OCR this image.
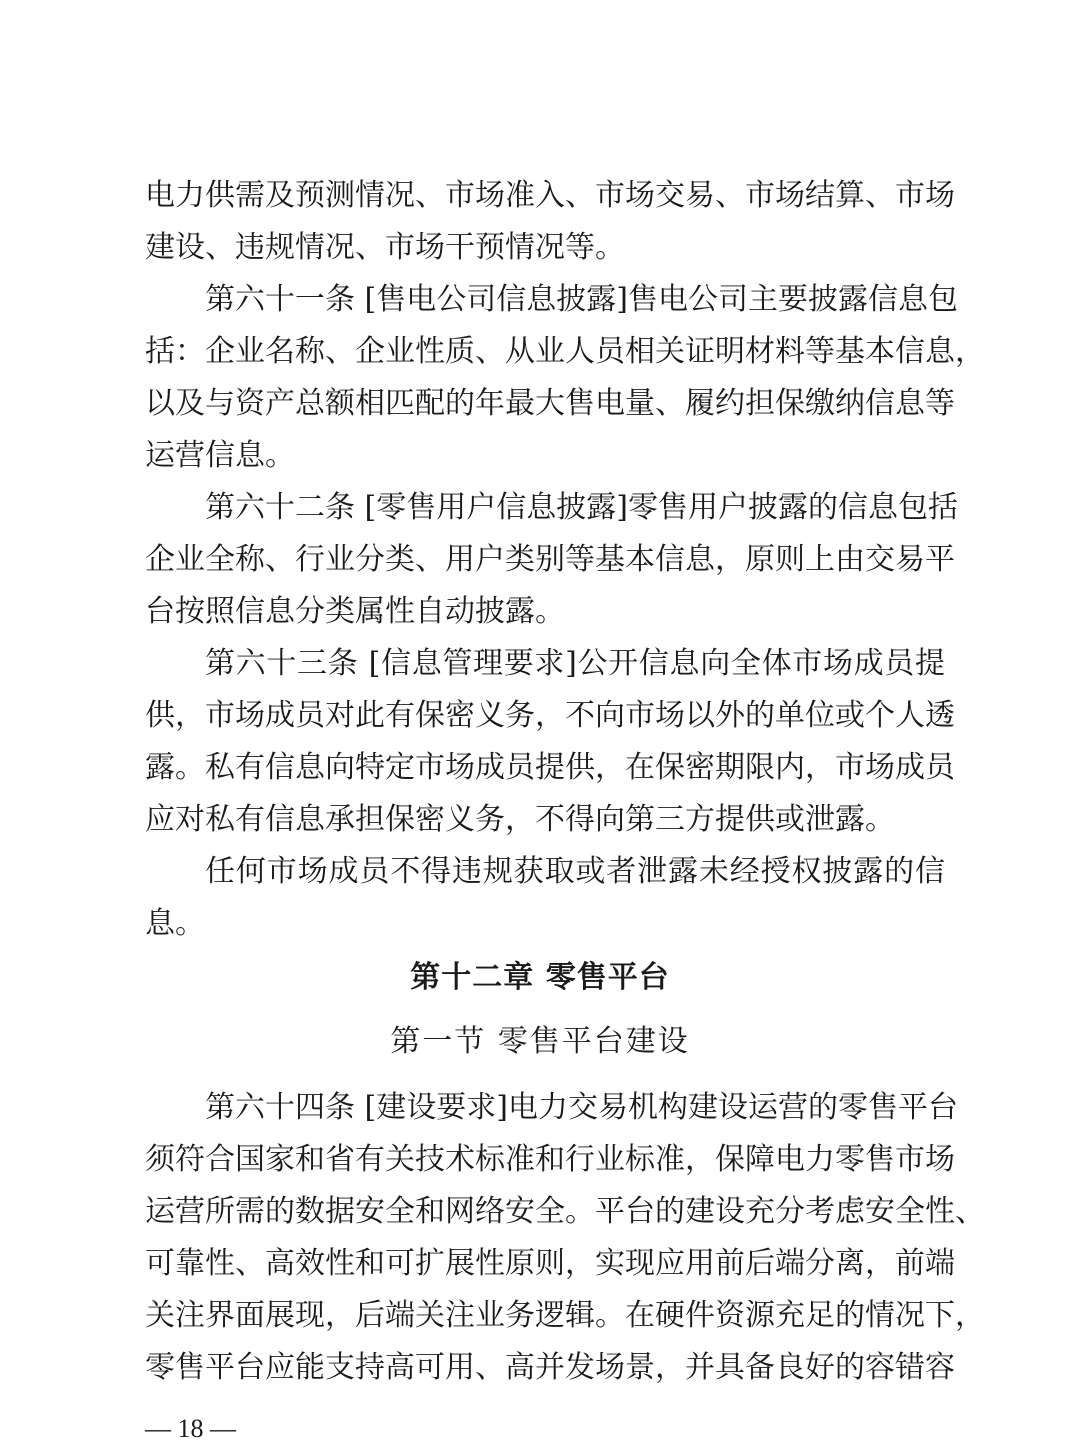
电力供需及预测情况、市场准入、市场交易、市场结算、市场
建设、违规情况、市场干预情况等。
第六十一条 [售电公司信息披露]售电公司主要披露信息包
括：企业名称、企业性质、从业人员相关证明材料等基本信息，
以及与资产总额相匹配的年最大售电量、履约担保缴纳信息等
运营信息。
第六十二条 [零售用户信息披露]零售用户披露的信息包括
企业全称、行业分类、用户类别等基本信息，原则上由交易平
台按照信息分类属性自动披露。
第六十三条 [信息管理要求]公开信息向全体市场成员提
供，市场成员对此有保密义务，不向市场以外的单位或个人透
露。私有信息向特定市场成员提供，在保密期限内，市场成员
应对私有信息承担保密义务，不得向第三方提供或泄露。
任何市场成员不得违规获取或者泄露未经授权披露的信
息。
第十二章 零售平台
第一节 零售平台建设
第六十四条 [建设要求]电力交易机构建设运营的零售平台
须符合国家和省有关技术标准和行业标准，保障电力零售市场
运营所需的数据安全和网络安全。平台的建设充分考虑安全性、
可靠性、高效性和可扩展性原则，实现应用前后端分离，前端
关注界面展现，后端关注业务逻辑。在硬件资源充足的情况下，
零售平台应能支持高可用、高并发场景，并具备良好的容错容
— 18 —
